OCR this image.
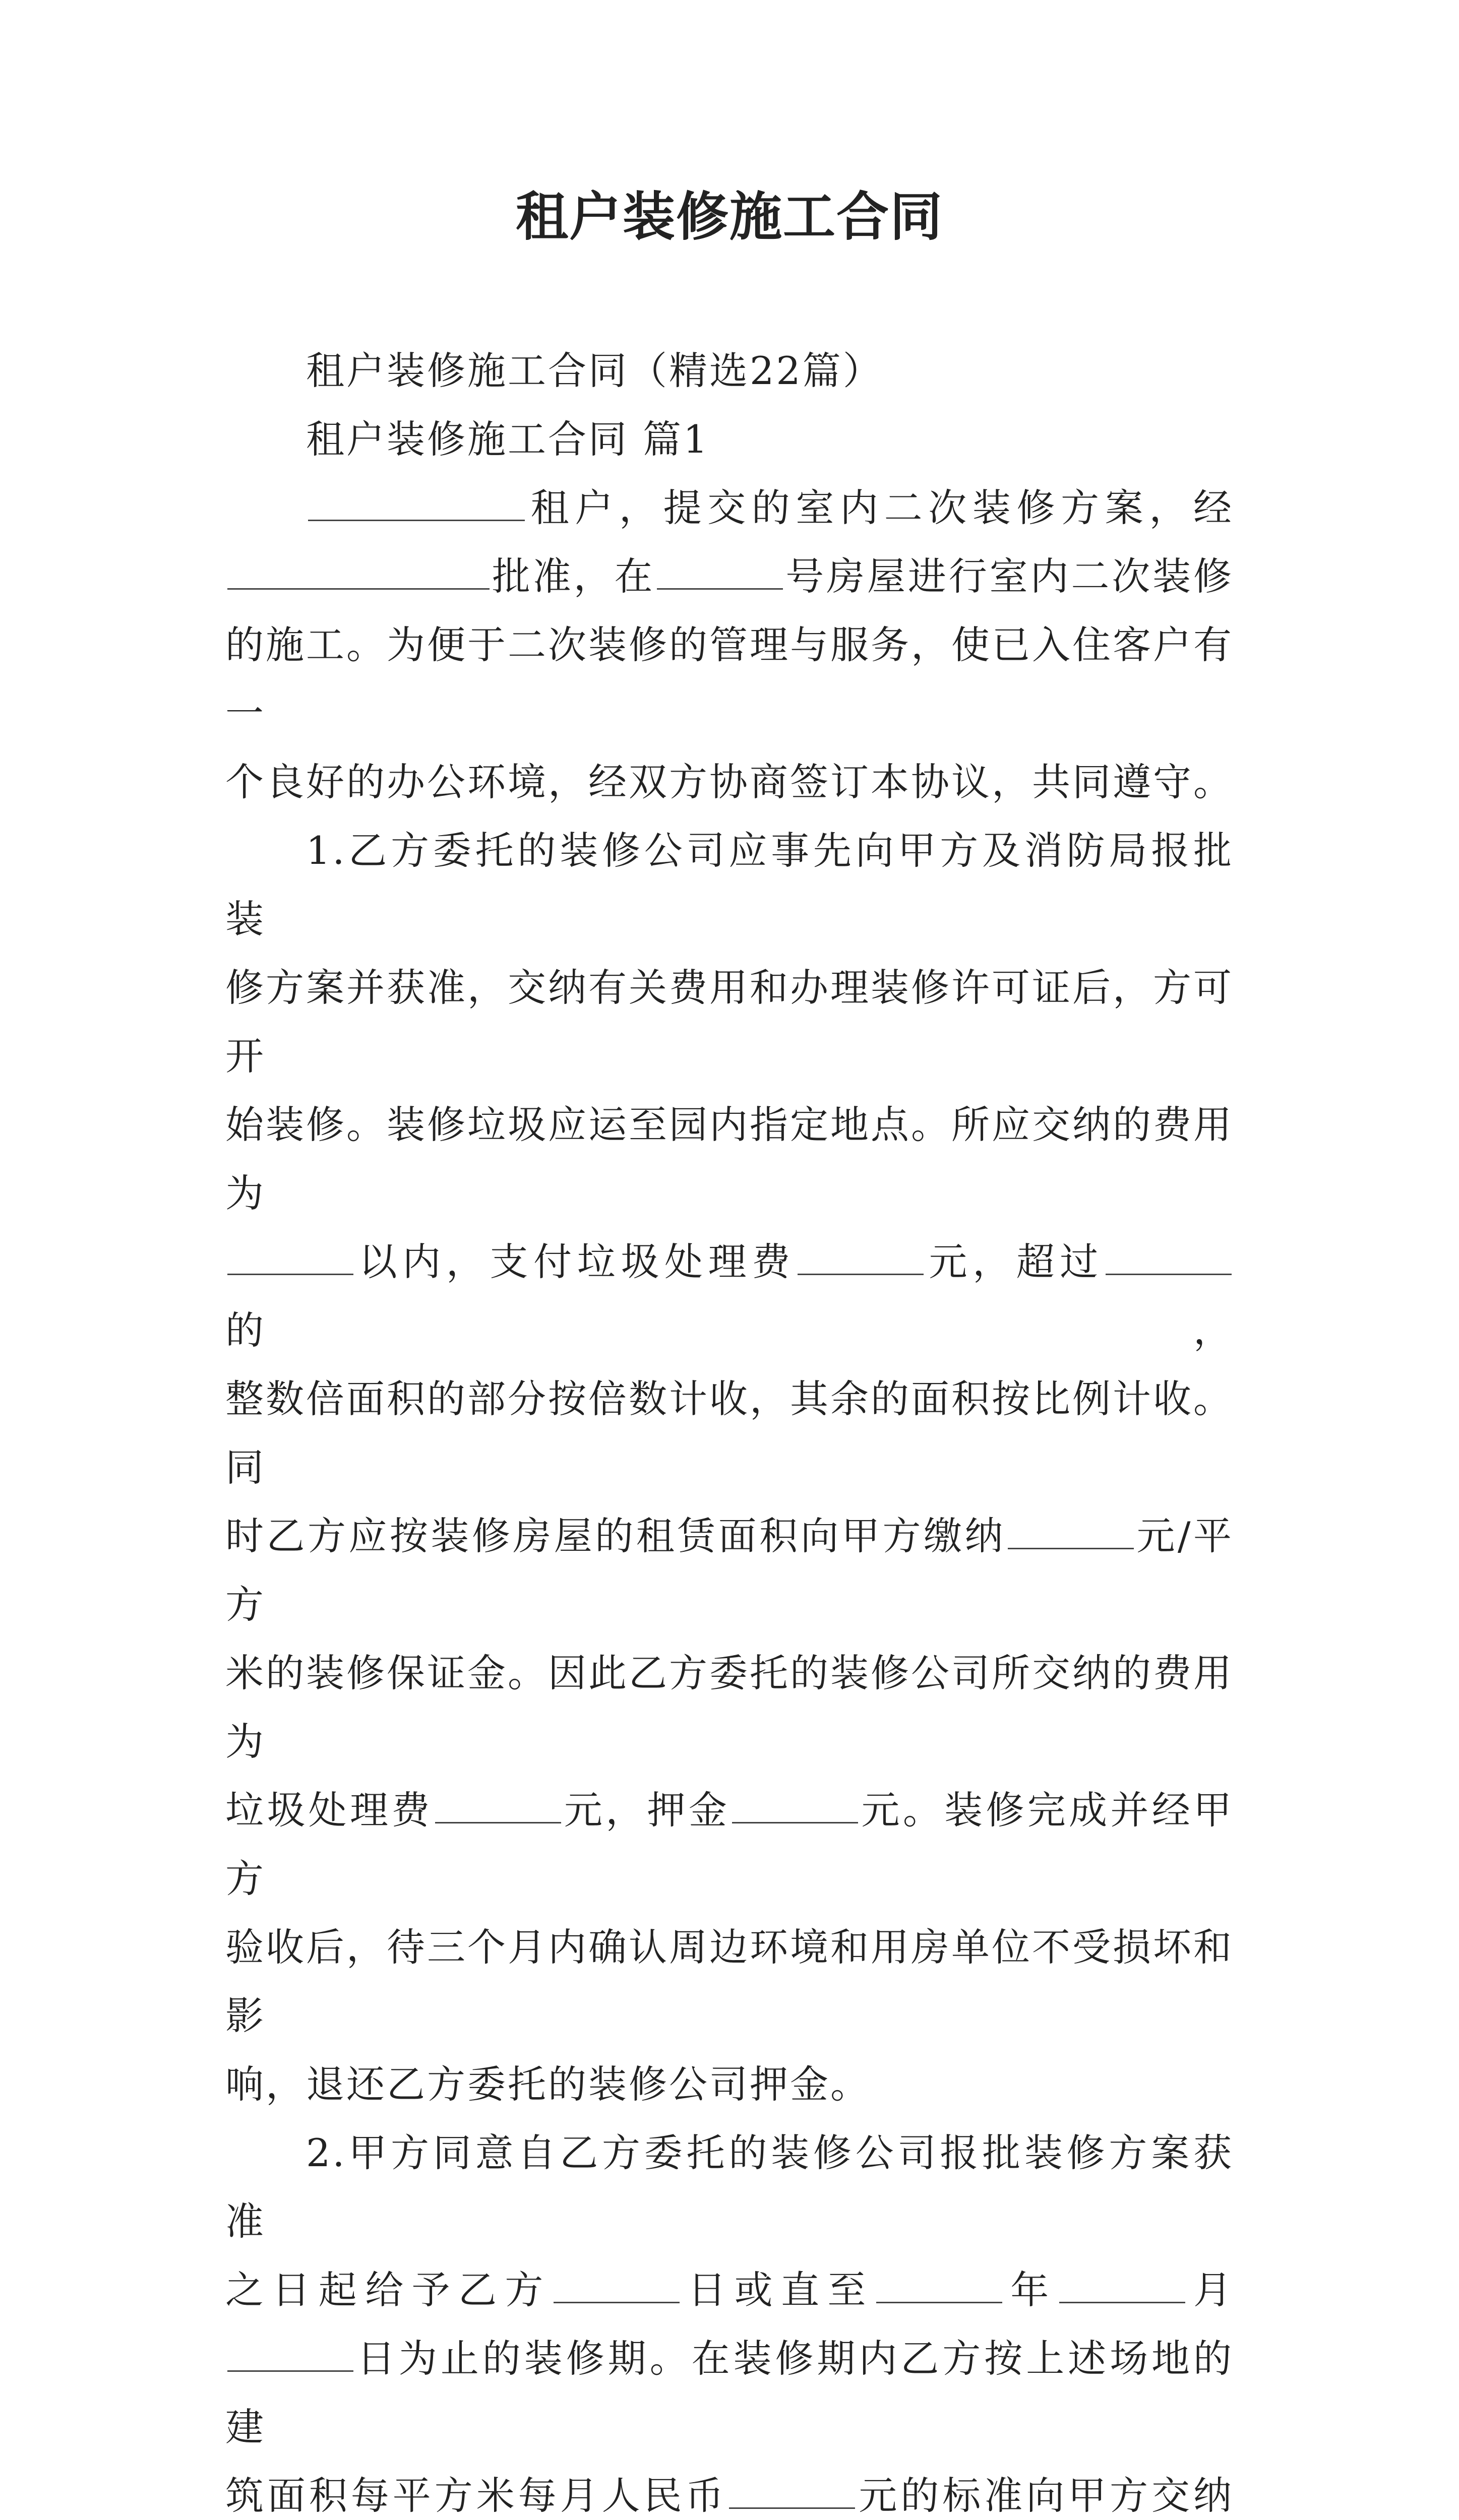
租户装修施工合同

租户装修施工合同（精选22篇）

租户装修施工合同 篇1

租户，提交的室内二次装修方案，经

批准，在	号房屋进行室内二次装修

的施工。为便于二次装修的管理与服务，使已入住客户有一

个良好的办公环境，经双方协商签订本协议，共同遵守。

1.乙方委托的装修公司应事先向甲方及消防局报批装

修方案并获准，交纳有关费用和办理装修许可证后，方可开

始装修。装修垃圾应运至园内指定地点。所应交纳的费用为

以内，支付垃圾处理费	元，超过的，

整数倍面积的部分按倍数计收，其余的面积按比例计收。同

时乙方应按装修房屋的租赁面积向甲方缴纳	元/平方

米的装修保证金。因此乙方委托的装修公司所交纳的费用为

垃圾处理费	元，押金	元。装修完成并经甲方

验收后，待三个月内确认周边环境和用房单位不受损坏和影

响，退还乙方委托的装修公司押金。

2.甲方同意自乙方委托的装修公司报批装修方案获准

之日起给予乙方	日或直至	年	月

日为止的装修期。在装修期内乙方按上述场地的建

筑面积每平方米每月人民币	元的标准向甲方交纳
